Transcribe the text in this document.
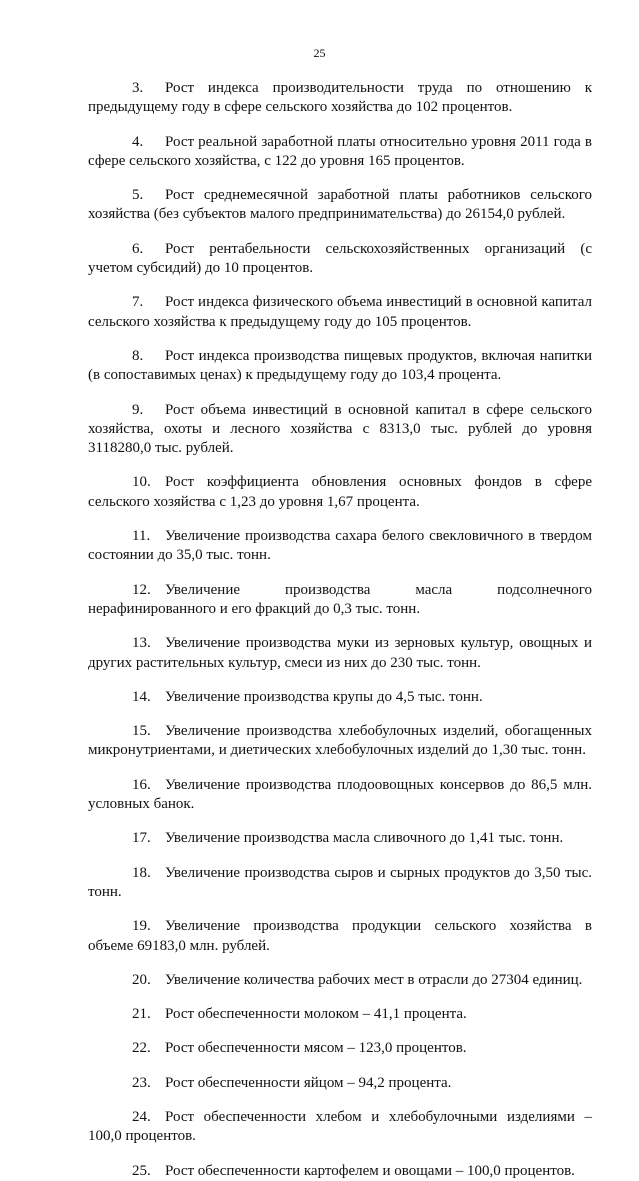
25

3. Рост индекса производительности труда по отношению к предыдущему году в сфере сельского хозяйства до 102 процентов.

4. Рост реальной заработной платы относительно уровня 2011 года в сфере сельского хозяйства, с 122 до уровня 165 процентов.

5. Рост среднемесячной заработной платы работников сельского хозяйства (без субъектов малого предпринимательства) до 26154,0 рублей.

6. Рост рентабельности сельскохозяйственных организаций (с учетом субсидий) до 10 процентов.

7. Рост индекса физического объема инвестиций в основной капитал сельского хозяйства к предыдущему году до 105 процентов.

8. Рост индекса производства пищевых продуктов, включая напитки (в сопоставимых ценах) к предыдущему году до 103,4 процента.

9. Рост объема инвестиций в основной капитал в сфере сельского хозяйства, охоты и лесного хозяйства с 8313,0 тыс. рублей до уровня 3118280,0 тыс. рублей.

10. Рост коэффициента обновления основных фондов в сфере сельского хозяйства с 1,23 до уровня 1,67 процента.

11. Увеличение производства сахара белого свекловичного в твердом состоянии до 35,0 тыс. тонн.

12. Увеличение производства масла подсолнечного нерафинированного и его фракций до 0,3 тыс. тонн.

13. Увеличение производства муки из зерновых культур, овощных и других растительных культур, смеси из них до 230 тыс. тонн.

14. Увеличение производства крупы до 4,5 тыс. тонн.

15. Увеличение производства хлебобулочных изделий, обогащенных микронутриентами, и диетических хлебобулочных изделий до 1,30 тыс. тонн.

16. Увеличение производства плодоовощных консервов до 86,5 млн. условных банок.

17. Увеличение производства масла сливочного до 1,41 тыс. тонн.

18. Увеличение производства сыров и сырных продуктов до 3,50 тыс. тонн.

19. Увеличение производства продукции сельского хозяйства в объеме 69183,0 млн. рублей.

20. Увеличение количества рабочих мест в отрасли до 27304 единиц.

21. Рост обеспеченности молоком – 41,1 процента.

22. Рост обеспеченности мясом – 123,0 процентов.

23. Рост обеспеченности яйцом – 94,2 процента.

24. Рост обеспеченности хлебом и хлебобулочными изделиями – 100,0 процентов.

25. Рост обеспеченности картофелем и овощами – 100,0 процентов.
